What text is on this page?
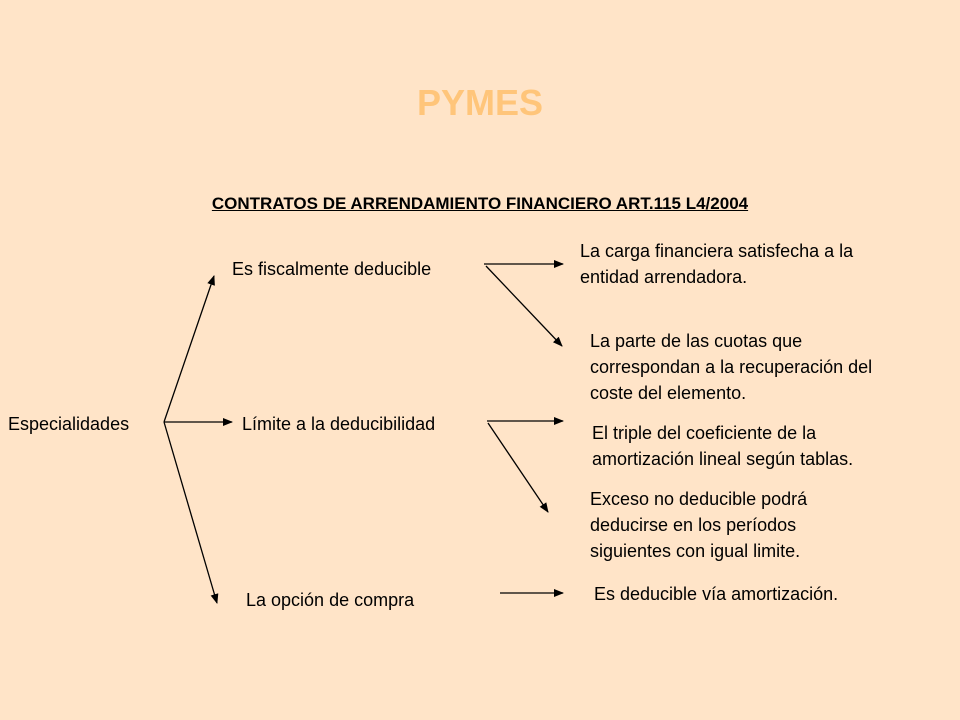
PYMES
CONTRATOS DE ARRENDAMIENTO FINANCIERO ART.115 L4/2004
Especialidades
Es fiscalmente deducible
Límite a la deducibilidad
La opción de compra
La carga financiera satisfecha a la
entidad arrendadora.
La parte de las cuotas que
correspondan a la recuperación del
coste del elemento.
El triple del coeficiente de la
amortización lineal según tablas.
Exceso no deducible podrá
deducirse en los períodos
siguientes con igual limite.
Es deducible vía amortización.
